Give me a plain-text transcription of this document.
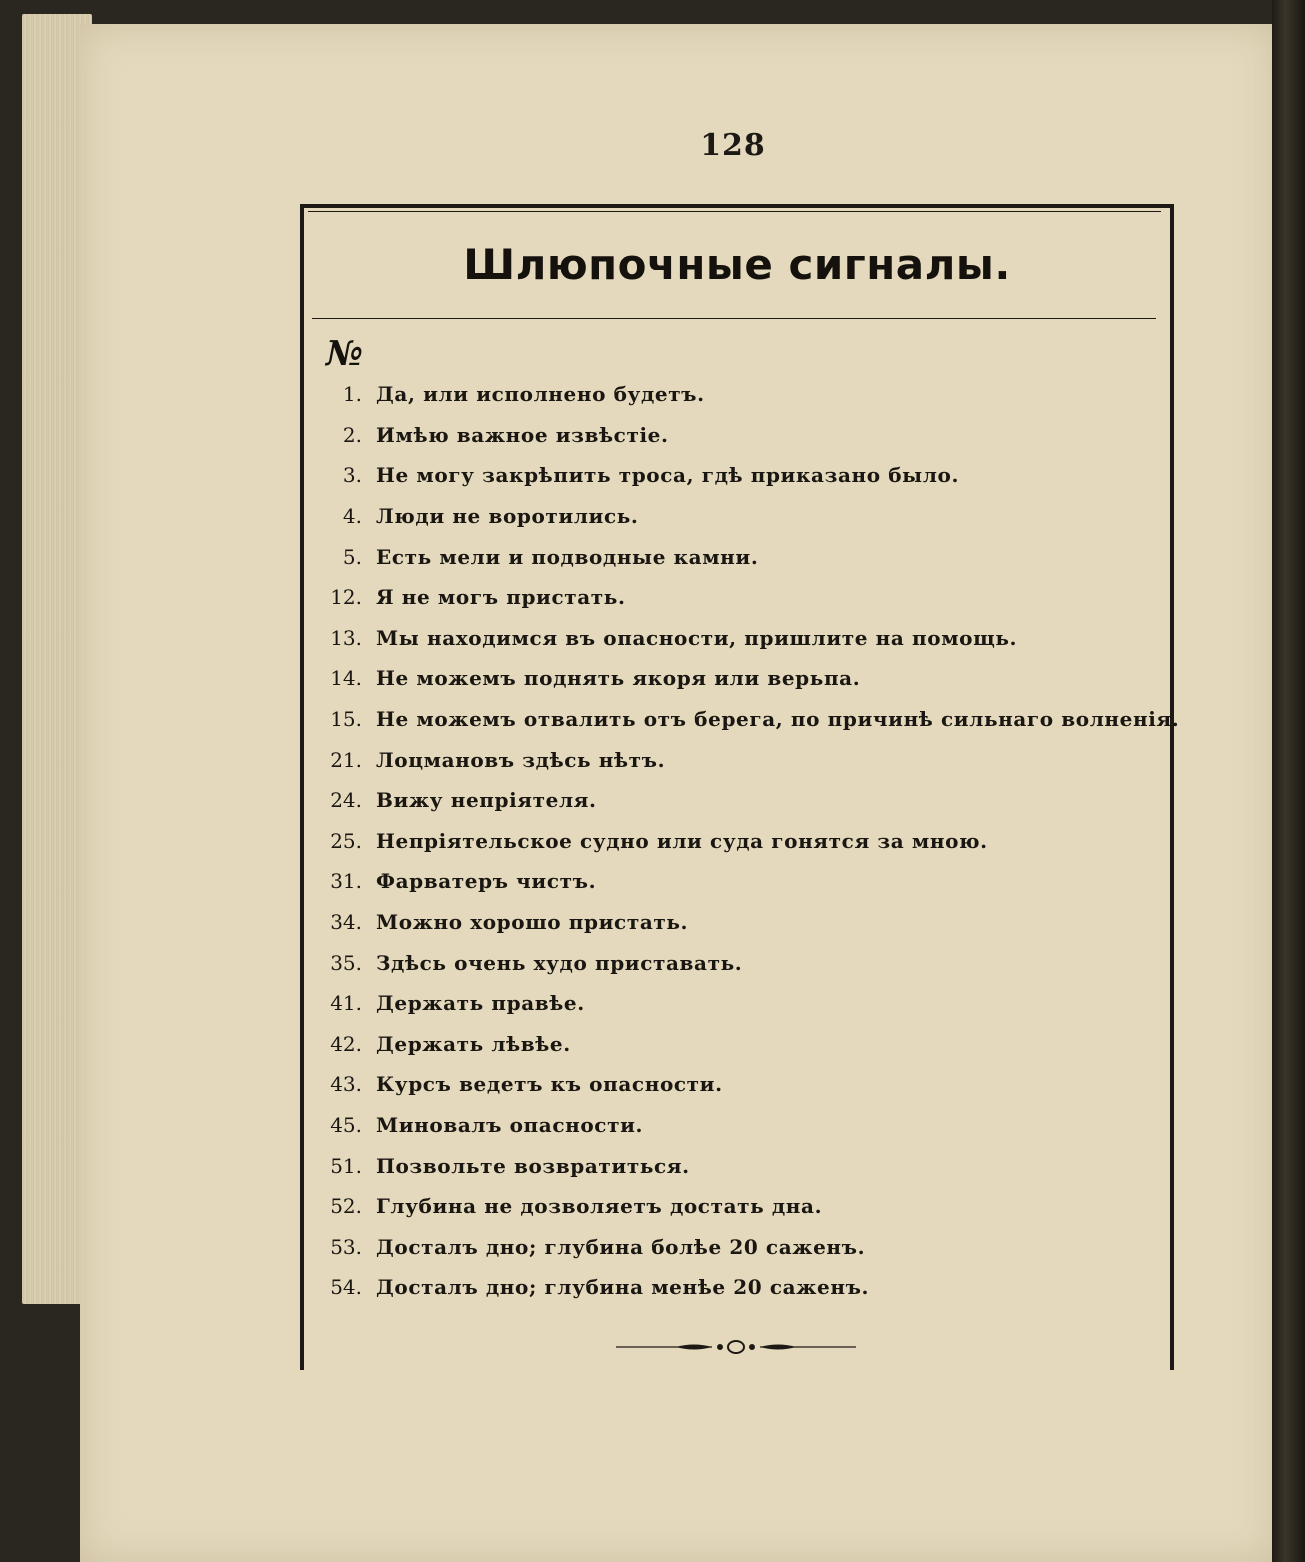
128
Шлюпочные сигналы.
№
1. Да, или исполнено будетъ.
2. Имѣю важное извѣстіе.
3. Не могу закрѣпить троса, гдѣ приказано было.
4. Люди не воротились.
5. Есть мели и подводные камни.
12. Я не могъ пристать.
13. Мы находимся въ опасности, пришлите на помощь.
14. Не можемъ поднять якоря или верьпа.
15. Не можемъ отвалить отъ берега, по причинѣ сильнаго волненія.
21. Лоцмановъ здѣсь нѣтъ.
24. Вижу непріятеля.
25. Непріятельское судно или суда гонятся за мною.
31. Фарватеръ чистъ.
34. Можно хорошо пристать.
35. Здѣсь очень худо приставать.
41. Держать правѣе.
42. Держать лѣвѣе.
43. Курсъ ведетъ къ опасности.
45. Миновалъ опасности.
51. Позвольте возвратиться.
52. Глубина не дозволяетъ достать дна.
53. Досталъ дно; глубина болѣе 20 саженъ.
54. Досталъ дно; глубина менѣе 20 саженъ.
